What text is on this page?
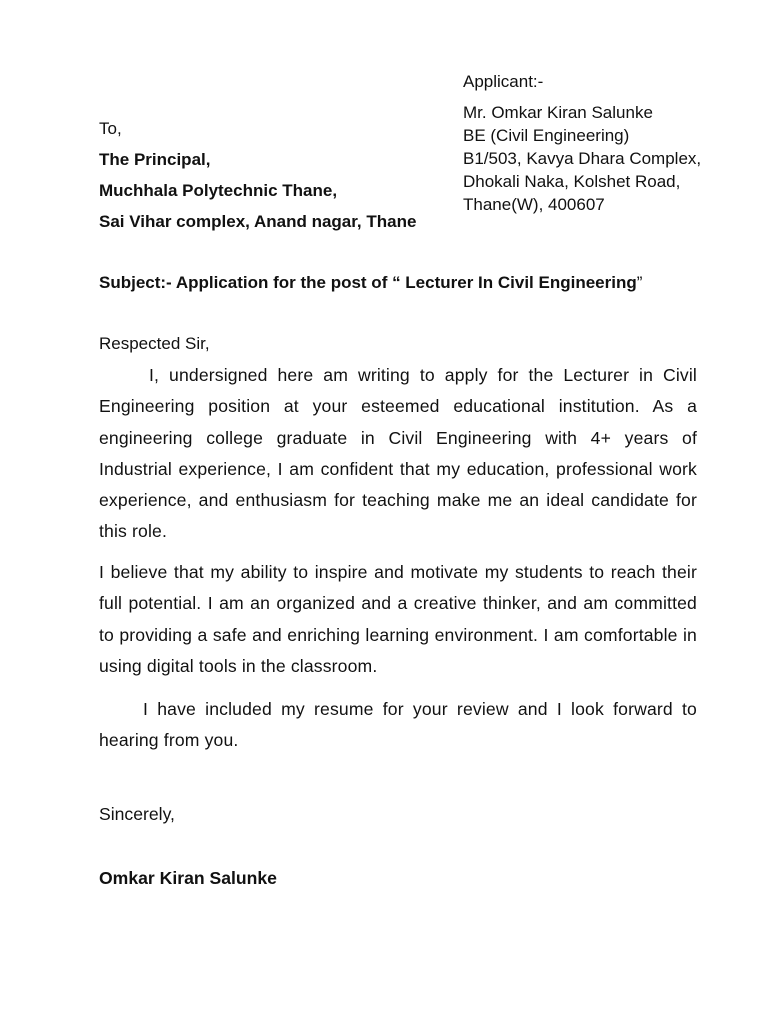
Applicant:-
Mr. Omkar Kiran Salunke
BE (Civil Engineering)
B1/503, Kavya Dhara Complex,
Dhokali Naka, Kolshet Road,
Thane(W), 400607
To,
The Principal,
Muchhala Polytechnic Thane,
Sai Vihar complex, Anand nagar, Thane
Subject:- Application for the post of “ Lecturer In Civil Engineering”
Respected Sir,

I, undersigned here am writing to apply for the Lecturer in Civil Engineering position at your esteemed educational institution. As a engineering college graduate in Civil Engineering with 4+ years of Industrial experience, I am confident that my education, professional work experience, and enthusiasm for teaching make me an ideal candidate for this role.

I believe that my ability to inspire and motivate my students to reach their full potential. I am an organized and a creative thinker, and am committed to providing a safe and enriching learning environment. I am comfortable in using digital tools in the classroom.

I have included my resume for your review and I look forward to hearing from you.

Sincerely,
Omkar Kiran Salunke
